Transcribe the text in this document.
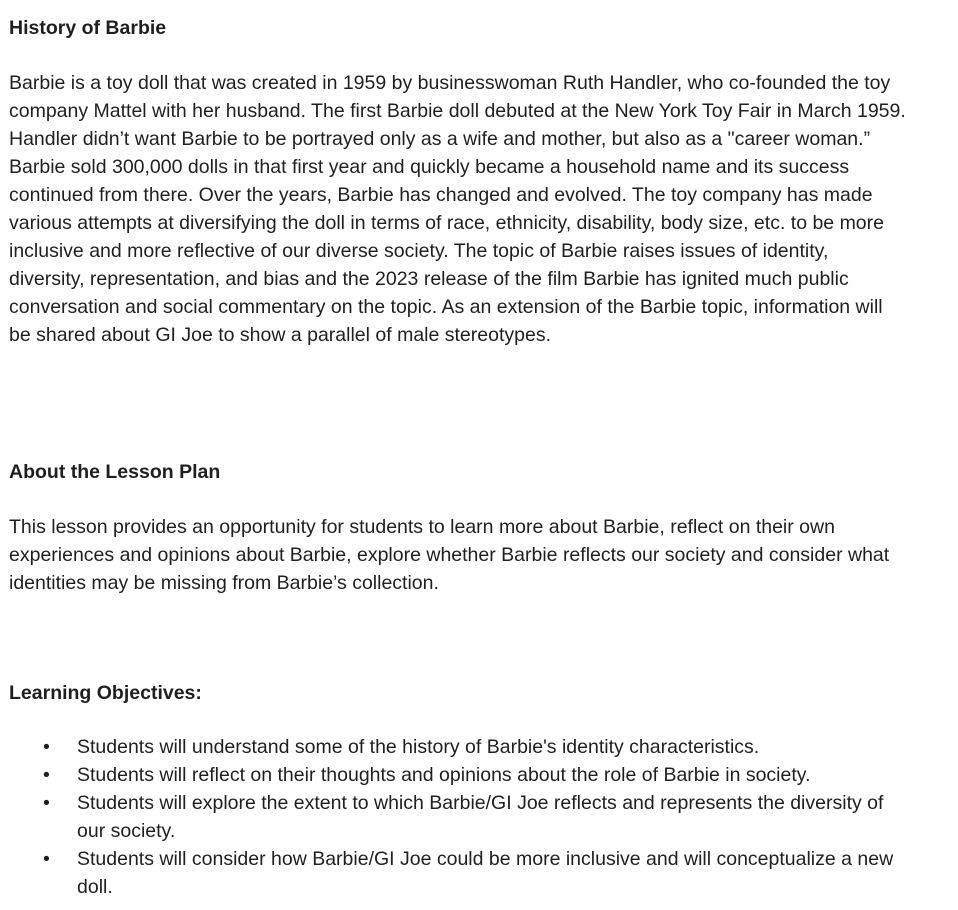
History of Barbie

Barbie is a toy doll that was created in 1959 by businesswoman Ruth Handler, who co-founded the toy company Mattel with her husband. The first Barbie doll debuted at the New York Toy Fair in March 1959. Handler didn’t want Barbie to be portrayed only as a wife and mother, but also as a "career woman.” Barbie sold 300,000 dolls in that first year and quickly became a household name and its success continued from there. Over the years, Barbie has changed and evolved. The toy company has made various attempts at diversifying the doll in terms of race, ethnicity, disability, body size, etc. to be more inclusive and more reflective of our diverse society. The topic of Barbie raises issues of identity, diversity, representation, and bias and the 2023 release of the film Barbie has ignited much public conversation and social commentary on the topic. As an extension of the Barbie topic, information will be shared about GI Joe to show a parallel of male stereotypes.

About the Lesson Plan

This lesson provides an opportunity for students to learn more about Barbie, reflect on their own experiences and opinions about Barbie, explore whether Barbie reflects our society and consider what identities may be missing from Barbie’s collection.

Learning Objectives:
• Students will understand some of the history of Barbie's identity characteristics.
• Students will reflect on their thoughts and opinions about the role of Barbie in society.
• Students will explore the extent to which Barbie/GI Joe reflects and represents the diversity of our society.
• Students will consider how Barbie/GI Joe could be more inclusive and will conceptualize a new doll.
